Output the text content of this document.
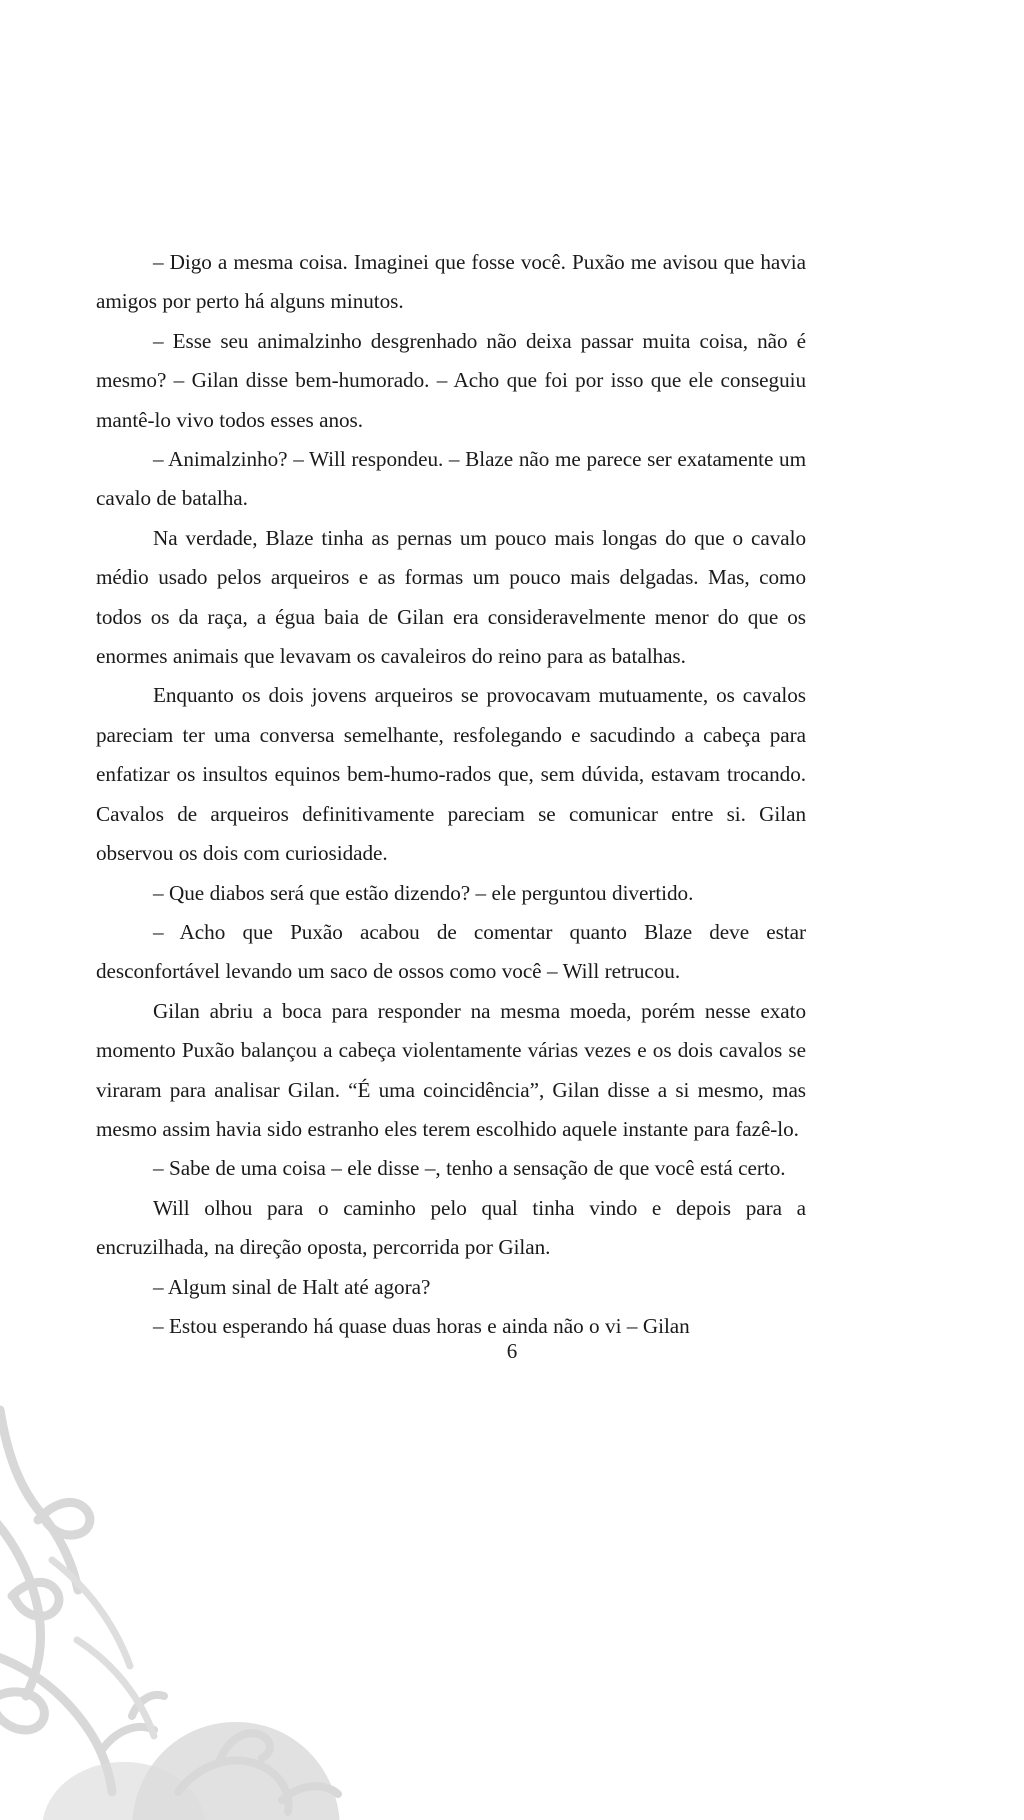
– Digo a mesma coisa. Imaginei que fosse você. Puxão me avisou que havia amigos por perto há alguns minutos.

– Esse seu animalzinho desgrenhado não deixa passar muita coisa, não é mesmo? – Gilan disse bem-humorado. – Acho que foi por isso que ele conseguiu mantê-lo vivo todos esses anos.

– Animalzinho? – Will respondeu. – Blaze não me parece ser exatamente um cavalo de batalha.

Na verdade, Blaze tinha as pernas um pouco mais longas do que o cavalo médio usado pelos arqueiros e as formas um pouco mais delgadas. Mas, como todos os da raça, a égua baia de Gilan era consideravelmente menor do que os enormes animais que levavam os cavaleiros do reino para as batalhas.

Enquanto os dois jovens arqueiros se provocavam mutuamente, os cavalos pareciam ter uma conversa semelhante, resfolegando e sacudindo a cabeça para enfatizar os insultos equinos bem-humo-rados que, sem dúvida, estavam trocando. Cavalos de arqueiros definitivamente pareciam se comunicar entre si. Gilan observou os dois com curiosidade.

– Que diabos será que estão dizendo? – ele perguntou divertido.

– Acho que Puxão acabou de comentar quanto Blaze deve estar desconfortável levando um saco de ossos como você – Will retrucou.

Gilan abriu a boca para responder na mesma moeda, porém nesse exato momento Puxão balançou a cabeça violentamente várias vezes e os dois cavalos se viraram para analisar Gilan. “É uma coincidência”, Gilan disse a si mesmo, mas mesmo assim havia sido estranho eles terem escolhido aquele instante para fazê-lo.

– Sabe de uma coisa – ele disse –, tenho a sensação de que você está certo.

Will olhou para o caminho pelo qual tinha vindo e depois para a encruzilhada, na direção oposta, percorrida por Gilan.

– Algum sinal de Halt até agora?

– Estou esperando há quase duas horas e ainda não o vi – Gilan

6
